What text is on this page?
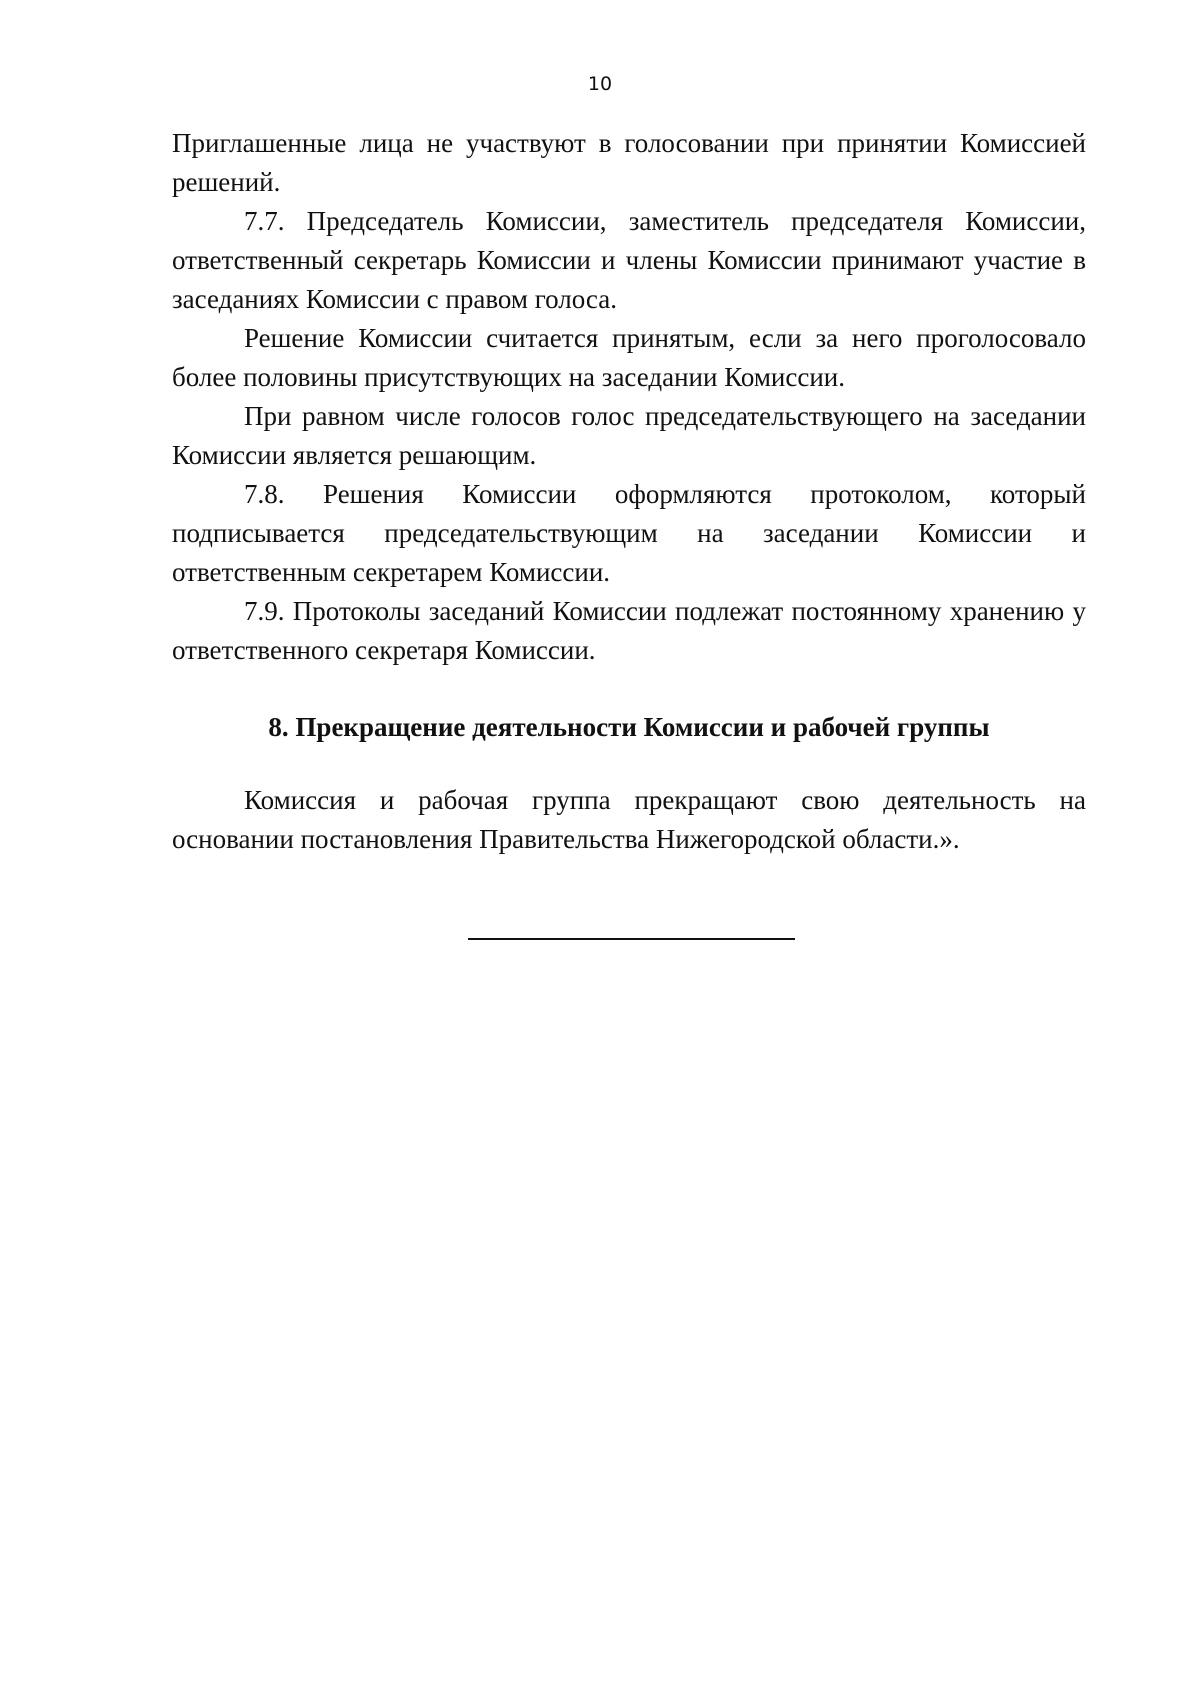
10

Приглашенные лица не участвуют в голосовании при принятии Комиссией решений.

7.7. Председатель Комиссии, заместитель председателя Комиссии, ответственный секретарь Комиссии и члены Комиссии принимают участие в заседаниях Комиссии с правом голоса.

Решение Комиссии считается принятым, если за него проголосовало более половины присутствующих на заседании Комиссии.

При равном числе голосов голос председательствующего на заседании Комиссии является решающим.

7.8. Решения Комиссии оформляются протоколом, который подписывается председательствующим на заседании Комиссии и ответственным секретарем Комиссии.

7.9. Протоколы заседаний Комиссии подлежат постоянному хранению у ответственного секретаря Комиссии.

8. Прекращение деятельности Комиссии и рабочей группы

Комиссия и рабочая группа прекращают свою деятельность на основании постановления Правительства Нижегородской области.».
